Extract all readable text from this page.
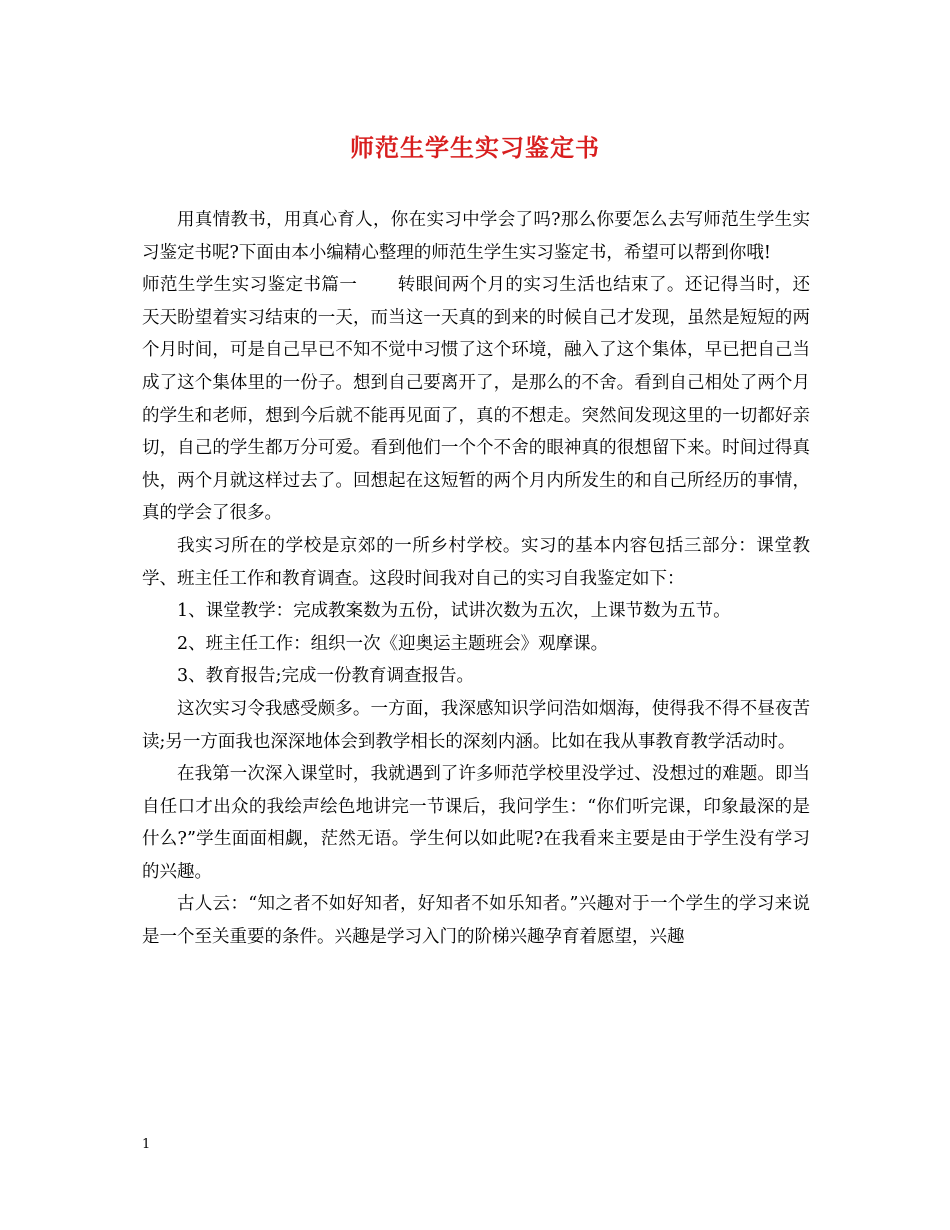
师范生学生实习鉴定书

用真情教书，用真心育人，你在实习中学会了吗?那么你要怎么去写师范生学生实习鉴定书呢?下面由本小编精心整理的师范生学生实习鉴定书，希望可以帮到你哦!

师范生学生实习鉴定书篇一 转眼间两个月的实习生活也结束了。还记得当时，还天天盼望着实习结束的一天，而当这一天真的到来的时候自己才发现，虽然是短短的两个月时间，可是自己早已不知不觉中习惯了这个环境，融入了这个集体，早已把自己当成了这个集体里的一份子。想到自己要离开了，是那么的不舍。看到自己相处了两个月的学生和老师，想到今后就不能再见面了，真的不想走。突然间发现这里的一切都好亲切，自己的学生都万分可爱。看到他们一个个不舍的眼神真的很想留下来。时间过得真快，两个月就这样过去了。回想起在这短暂的两个月内所发生的和自己所经历的事情，真的学会了很多。

我实习所在的学校是京郊的一所乡村学校。实习的基本内容包括三部分：课堂教学、班主任工作和教育调查。这段时间我对自己的实习自我鉴定如下：

1、课堂教学：完成教案数为五份，试讲次数为五次，上课节数为五节。

2、班主任工作：组织一次《迎奥运主题班会》观摩课。

3、教育报告;完成一份教育调查报告。

这次实习令我感受颇多。一方面，我深感知识学问浩如烟海，使得我不得不昼夜苦读;另一方面我也深深地体会到教学相长的深刻内涵。比如在我从事教育教学活动时。

在我第一次深入课堂时，我就遇到了许多师范学校里没学过、没想过的难题。即当自任口才出众的我绘声绘色地讲完一节课后，我问学生：“你们听完课，印象最深的是什么?”学生面面相觑，茫然无语。学生何以如此呢?在我看来主要是由于学生没有学习的兴趣。

古人云：“知之者不如好知者，好知者不如乐知者。”兴趣对于一个学生的学习来说是一个至关重要的条件。兴趣是学习入门的阶梯兴趣孕育着愿望，兴趣

1
